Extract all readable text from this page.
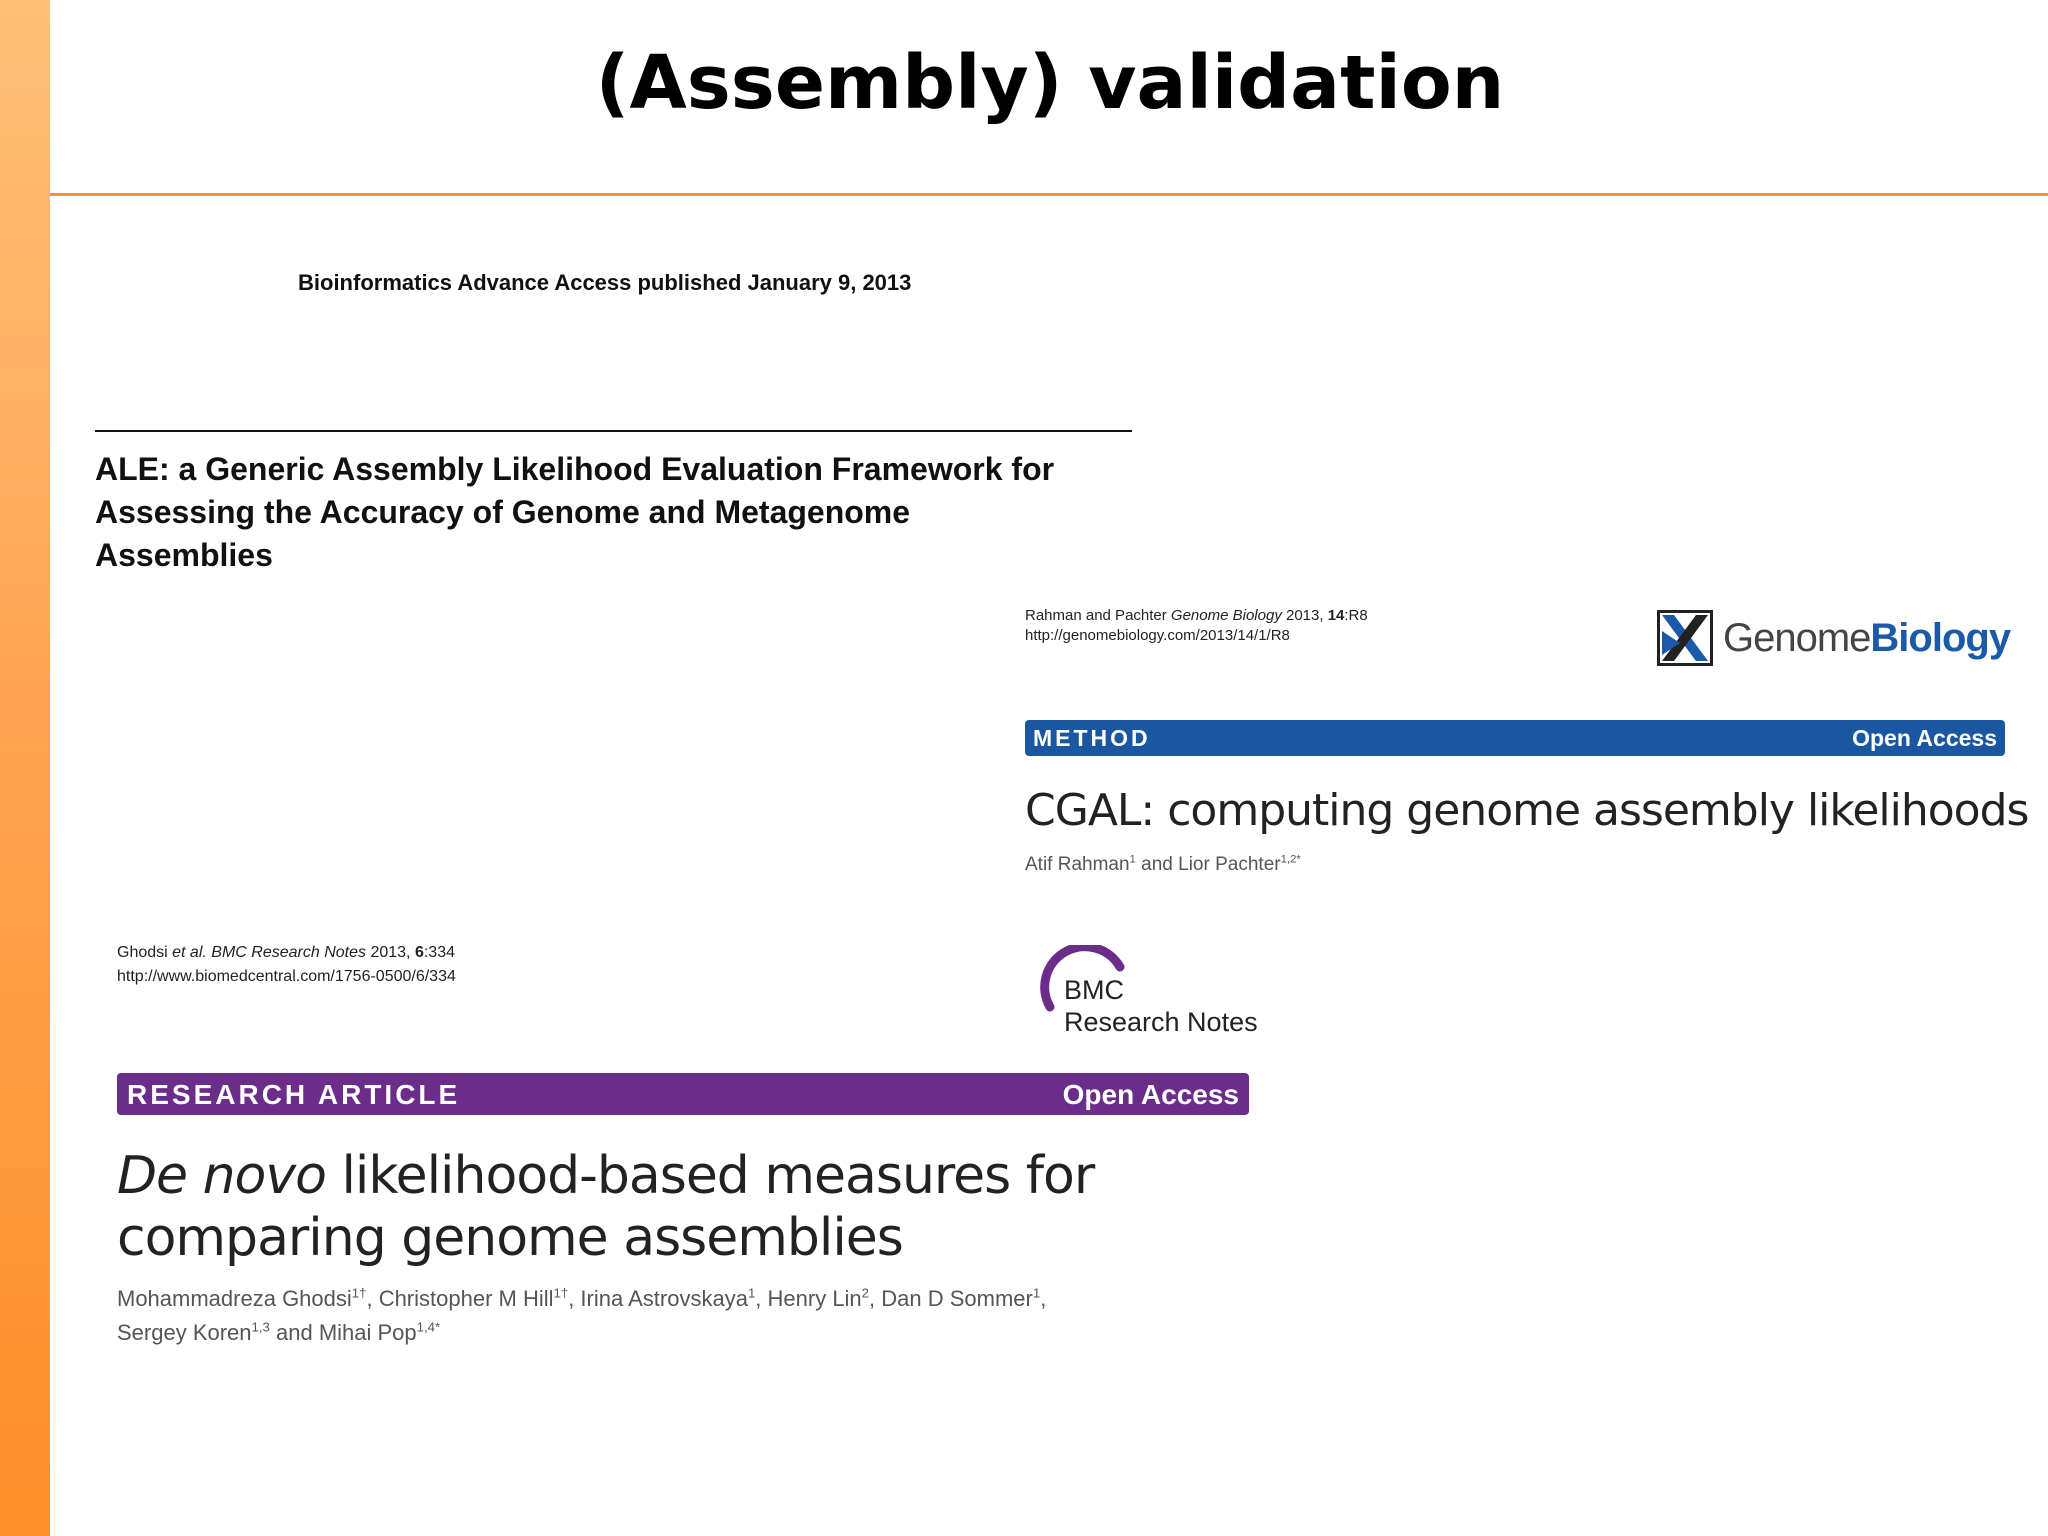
(Assembly) validation
Bioinformatics Advance Access published January 9, 2013
ALE: a Generic Assembly Likelihood Evaluation Framework for Assessing the Accuracy of Genome and Metagenome Assemblies
Rahman and Pachter Genome Biology 2013, 14:R8
http://genomebiology.com/2013/14/1/R8	GenomeBiology
METHOD	Open Access
CGAL: computing genome assembly likelihoods
Atif Rahman$^1$ and Lior Pachter$^{1,2*}$
Ghodsi et al. BMC Research Notes 2013, 6:334
http://www.biomedcentral.com/1756-0500/6/334	BMC
Research Notes
RESEARCH ARTICLE	Open Access
De novo likelihood-based measures for comparing genome assemblies
Mohammadreza Ghodsi$^{1\dagger}$, Christopher M Hill$^{1\dagger}$, Irina Astrovskaya$^1$, Henry Lin$^2$, Dan D Sommer$^1$,
Sergey Koren$^{1,3}$ and Mihai Pop$^{1,4*}$
